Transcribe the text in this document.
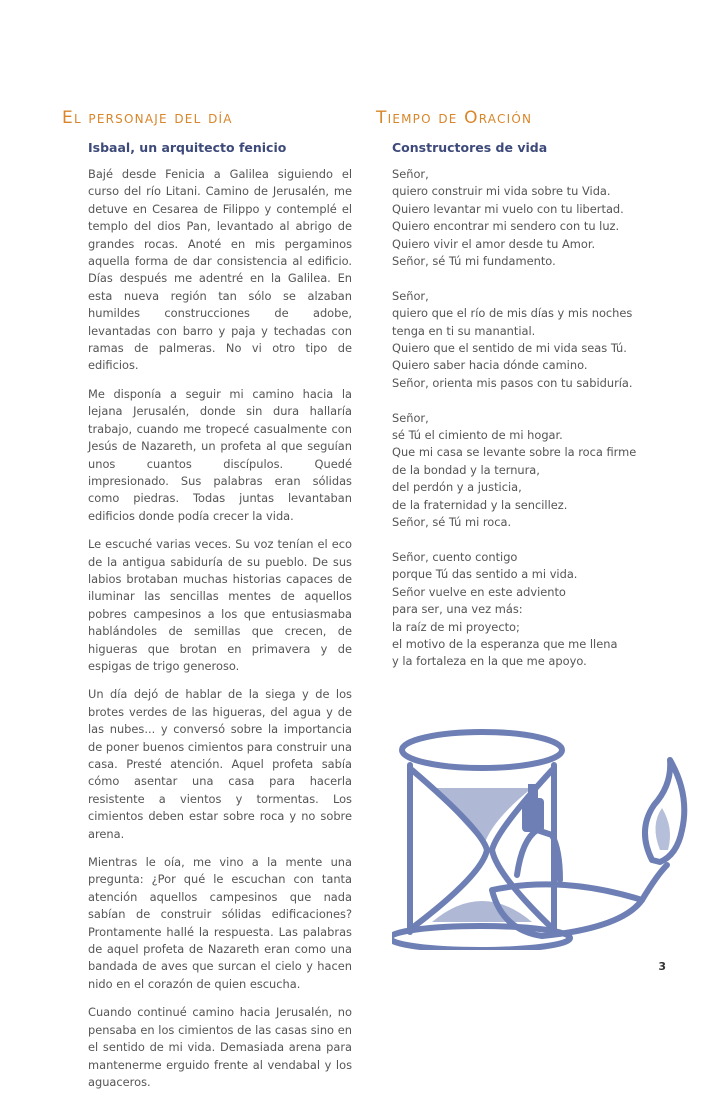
El personaje del día
Isbaal, un arquitecto fenicio

Bajé desde Fenicia a Galilea siguiendo el curso del río Litani. Camino de Jerusalén, me detuve en Cesarea de Filippo y contemplé el templo del dios Pan, levantado al abrigo de grandes rocas. Anoté en mis pergaminos aquella forma de dar consistencia al edificio. Días después me adentré en la Galilea. En esta nueva región tan sólo se alzaban humildes construcciones de adobe, levantadas con barro y paja y techadas con ramas de palmeras. No vi otro tipo de edificios.

Me disponía a seguir mi camino hacia la lejana Jerusalén, donde sin dura hallaría trabajo, cuando me tropecé casualmente con Jesús de Nazareth, un profeta al que seguían unos cuantos discípulos. Quedé impresionado. Sus palabras eran sólidas como piedras. Todas juntas levantaban edificios donde podía crecer la vida.

Le escuché varias veces. Su voz tenían el eco de la antigua sabiduría de su pueblo. De sus labios brotaban muchas historias capaces de iluminar las sencillas mentes de aquellos pobres campesinos a los que entusiasmaba hablándoles de semillas que crecen, de higueras que brotan en primavera y de espigas de trigo generoso.

Un día dejó de hablar de la siega y de los brotes verdes de las higueras, del agua y de las nubes... y conversó sobre la importancia de poner buenos cimientos para construir una casa. Presté atención. Aquel profeta sabía cómo asentar una casa para hacerla resistente a vientos y tormentas. Los cimientos deben estar sobre roca y no sobre arena.

Mientras le oía, me vino a la mente una pregunta: ¿Por qué le escuchan con tanta atención aquellos campesinos que nada sabían de construir sólidas edificaciones? Prontamente hallé la respuesta. Las palabras de aquel profeta de Nazareth eran como una bandada de aves que surcan el cielo y hacen nido en el corazón de quien escucha.

Cuando continué camino hacia Jerusalén, no pensaba en los cimientos de las casas sino en el sentido de mi vida. Demasiada arena para mantenerme erguido frente al vendabal y los aguaceros.

Tiempo de Oración
Constructores de vida
Señor,
quiero construir mi vida sobre tu Vida.
Quiero levantar mi vuelo con tu libertad.
Quiero encontrar mi sendero con tu luz.
Quiero vivir el amor desde tu Amor.
Señor, sé Tú mi fundamento.
Señor,
quiero que el río de mis días y mis noches
tenga en ti su manantial.
Quiero que el sentido de mi vida seas Tú.
Quiero saber hacia dónde camino.
Señor, orienta mis pasos con tu sabiduría.
Señor,
sé Tú el cimiento de mi hogar.
Que mi casa se levante sobre la roca firme
de la bondad y la ternura,
del perdón y a justicia,
de la fraternidad y la sencillez.
Señor, sé Tú mi roca.
Señor, cuento contigo
porque Tú das sentido a mi vida.
Señor vuelve en este adviento
para ser, una vez más:
la raíz de mi proyecto;
el motivo de la esperanza que me llena
y la fortaleza en la que me apoyo.
3
